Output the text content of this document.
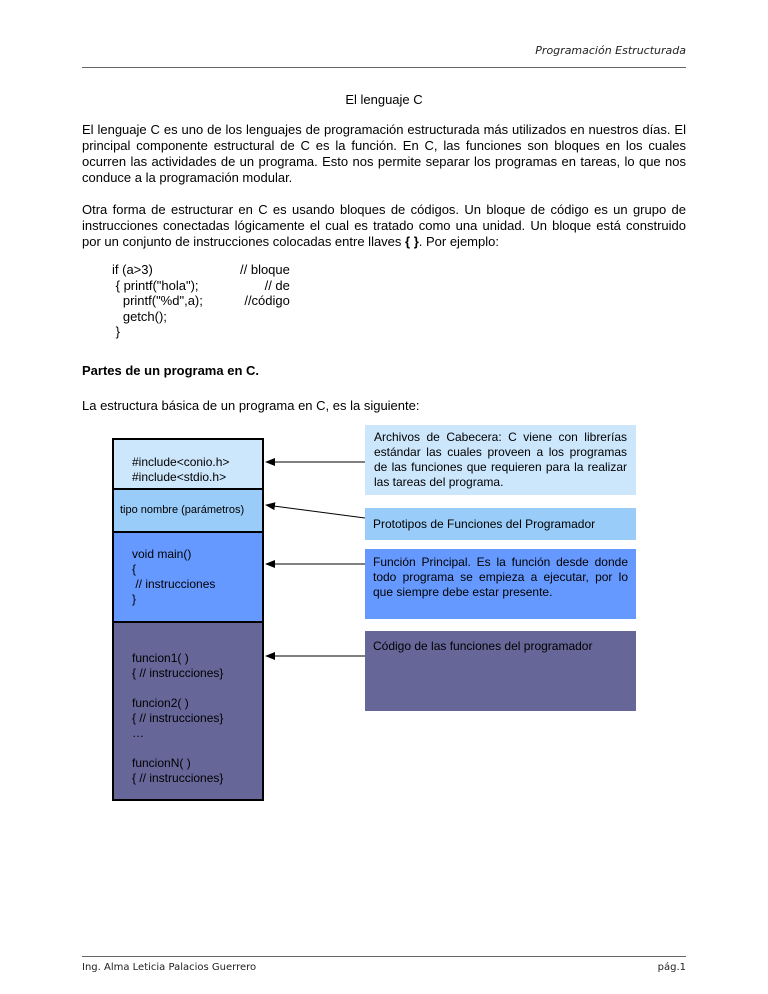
Programación Estructurada
El lenguaje C
El lenguaje C es uno de los lenguajes de programación estructurada más utilizados en nuestros días. El principal componente estructural de C es la función. En C, las funciones son bloques en los cuales ocurren las actividades de un programa. Esto nos permite separar los programas en tareas, lo que nos conduce a la programación modular.
Otra forma de estructurar en C es usando bloques de códigos. Un bloque de código es un grupo de instrucciones conectadas lógicamente el cual es tratado como una unidad. Un bloque está construido por un conjunto de instrucciones colocadas entre llaves { }. Por ejemplo:
if (a>3)
{ printf("hola");
printf("%d",a);
getch();
}
// bloque
// de
//código
Partes de un programa en C.
La estructura básica de un programa en C, es la siguiente:
#include<conio.h>
#include<stdio.h>
tipo nombre (parámetros)
void main()
{
// instrucciones
}
funcion1( )
{ // instrucciones}

funcion2( )
{ // instrucciones}
…

funcionN( )
{ // instrucciones}
Archivos de Cabecera: C viene con librerías estándar las cuales proveen a los programas de las funciones que requieren para la realizar las tareas del programa.
Prototipos de Funciones del Programador
Función Principal. Es la función desde donde todo programa se empieza a ejecutar, por lo que siempre debe estar presente.
Código de las funciones del programador
Ing. Alma Leticia Palacios Guerrero	pág.1
